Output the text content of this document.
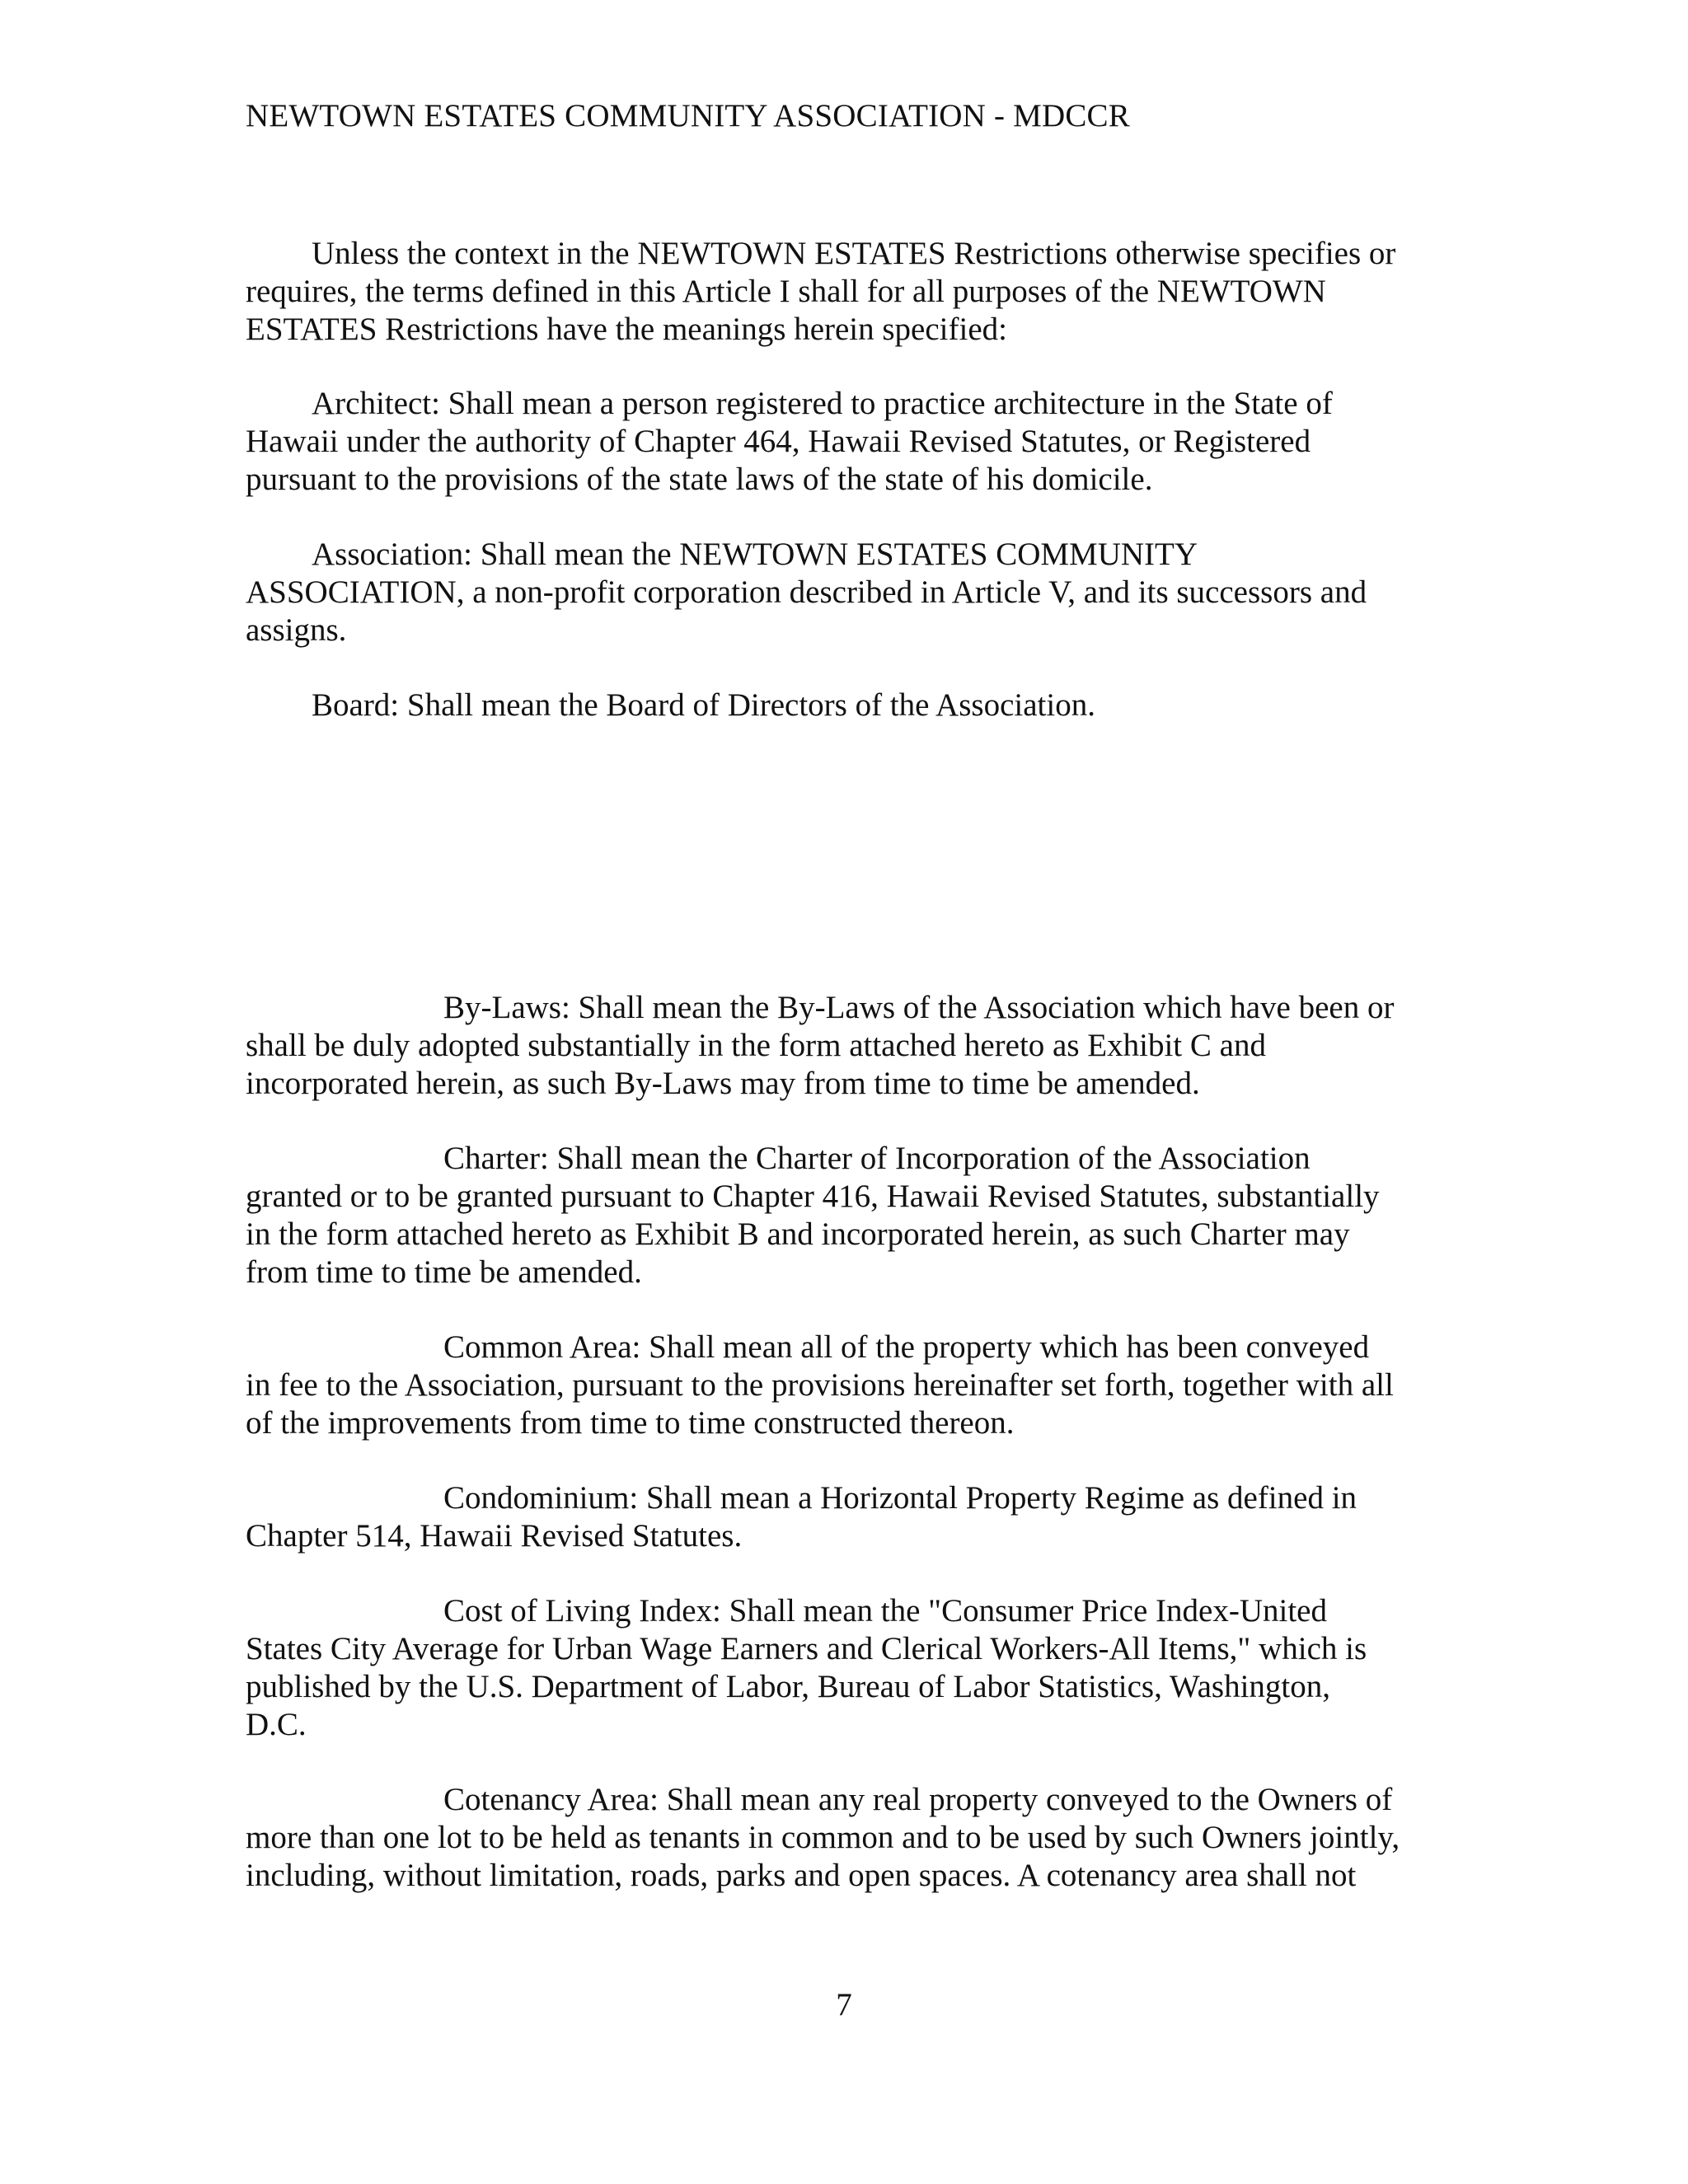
NEWTOWN ESTATES COMMUNITY ASSOCIATION - MDCCR
Unless the context in the NEWTOWN ESTATES Restrictions otherwise specifies or
requires, the terms defined in this Article I shall for all purposes of the NEWTOWN
ESTATES Restrictions have the meanings herein specified:
Architect: Shall mean a person registered to practice architecture in the State of
Hawaii under the authority of Chapter 464, Hawaii Revised Statutes, or Registered
pursuant to the provisions of the state laws of the state of his domicile.
Association: Shall mean the NEWTOWN ESTATES COMMUNITY
ASSOCIATION, a non-profit corporation described in Article V, and its successors and
assigns.
Board: Shall mean the Board of Directors of the Association.
By-Laws: Shall mean the By-Laws of the Association which have been or
shall be duly adopted substantially in the form attached hereto as Exhibit C and
incorporated herein, as such By-Laws may from time to time be amended.
Charter: Shall mean the Charter of Incorporation of the Association
granted or to be granted pursuant to Chapter 416, Hawaii Revised Statutes, substantially
in the form attached hereto as Exhibit B and incorporated herein, as such Charter may
from time to time be amended.
Common Area: Shall mean all of the property which has been conveyed
in fee to the Association, pursuant to the provisions hereinafter set forth, together with all
of the improvements from time to time constructed thereon.
Condominium: Shall mean a Horizontal Property Regime as defined in
Chapter 514, Hawaii Revised Statutes.
Cost of Living Index: Shall mean the "Consumer Price Index-United
States City Average for Urban Wage Earners and Clerical Workers-All Items," which is
published by the U.S. Department of Labor, Bureau of Labor Statistics, Washington,
D.C.
Cotenancy Area: Shall mean any real property conveyed to the Owners of
more than one lot to be held as tenants in common and to be used by such Owners jointly,
including, without limitation, roads, parks and open spaces. A cotenancy area shall not
7
